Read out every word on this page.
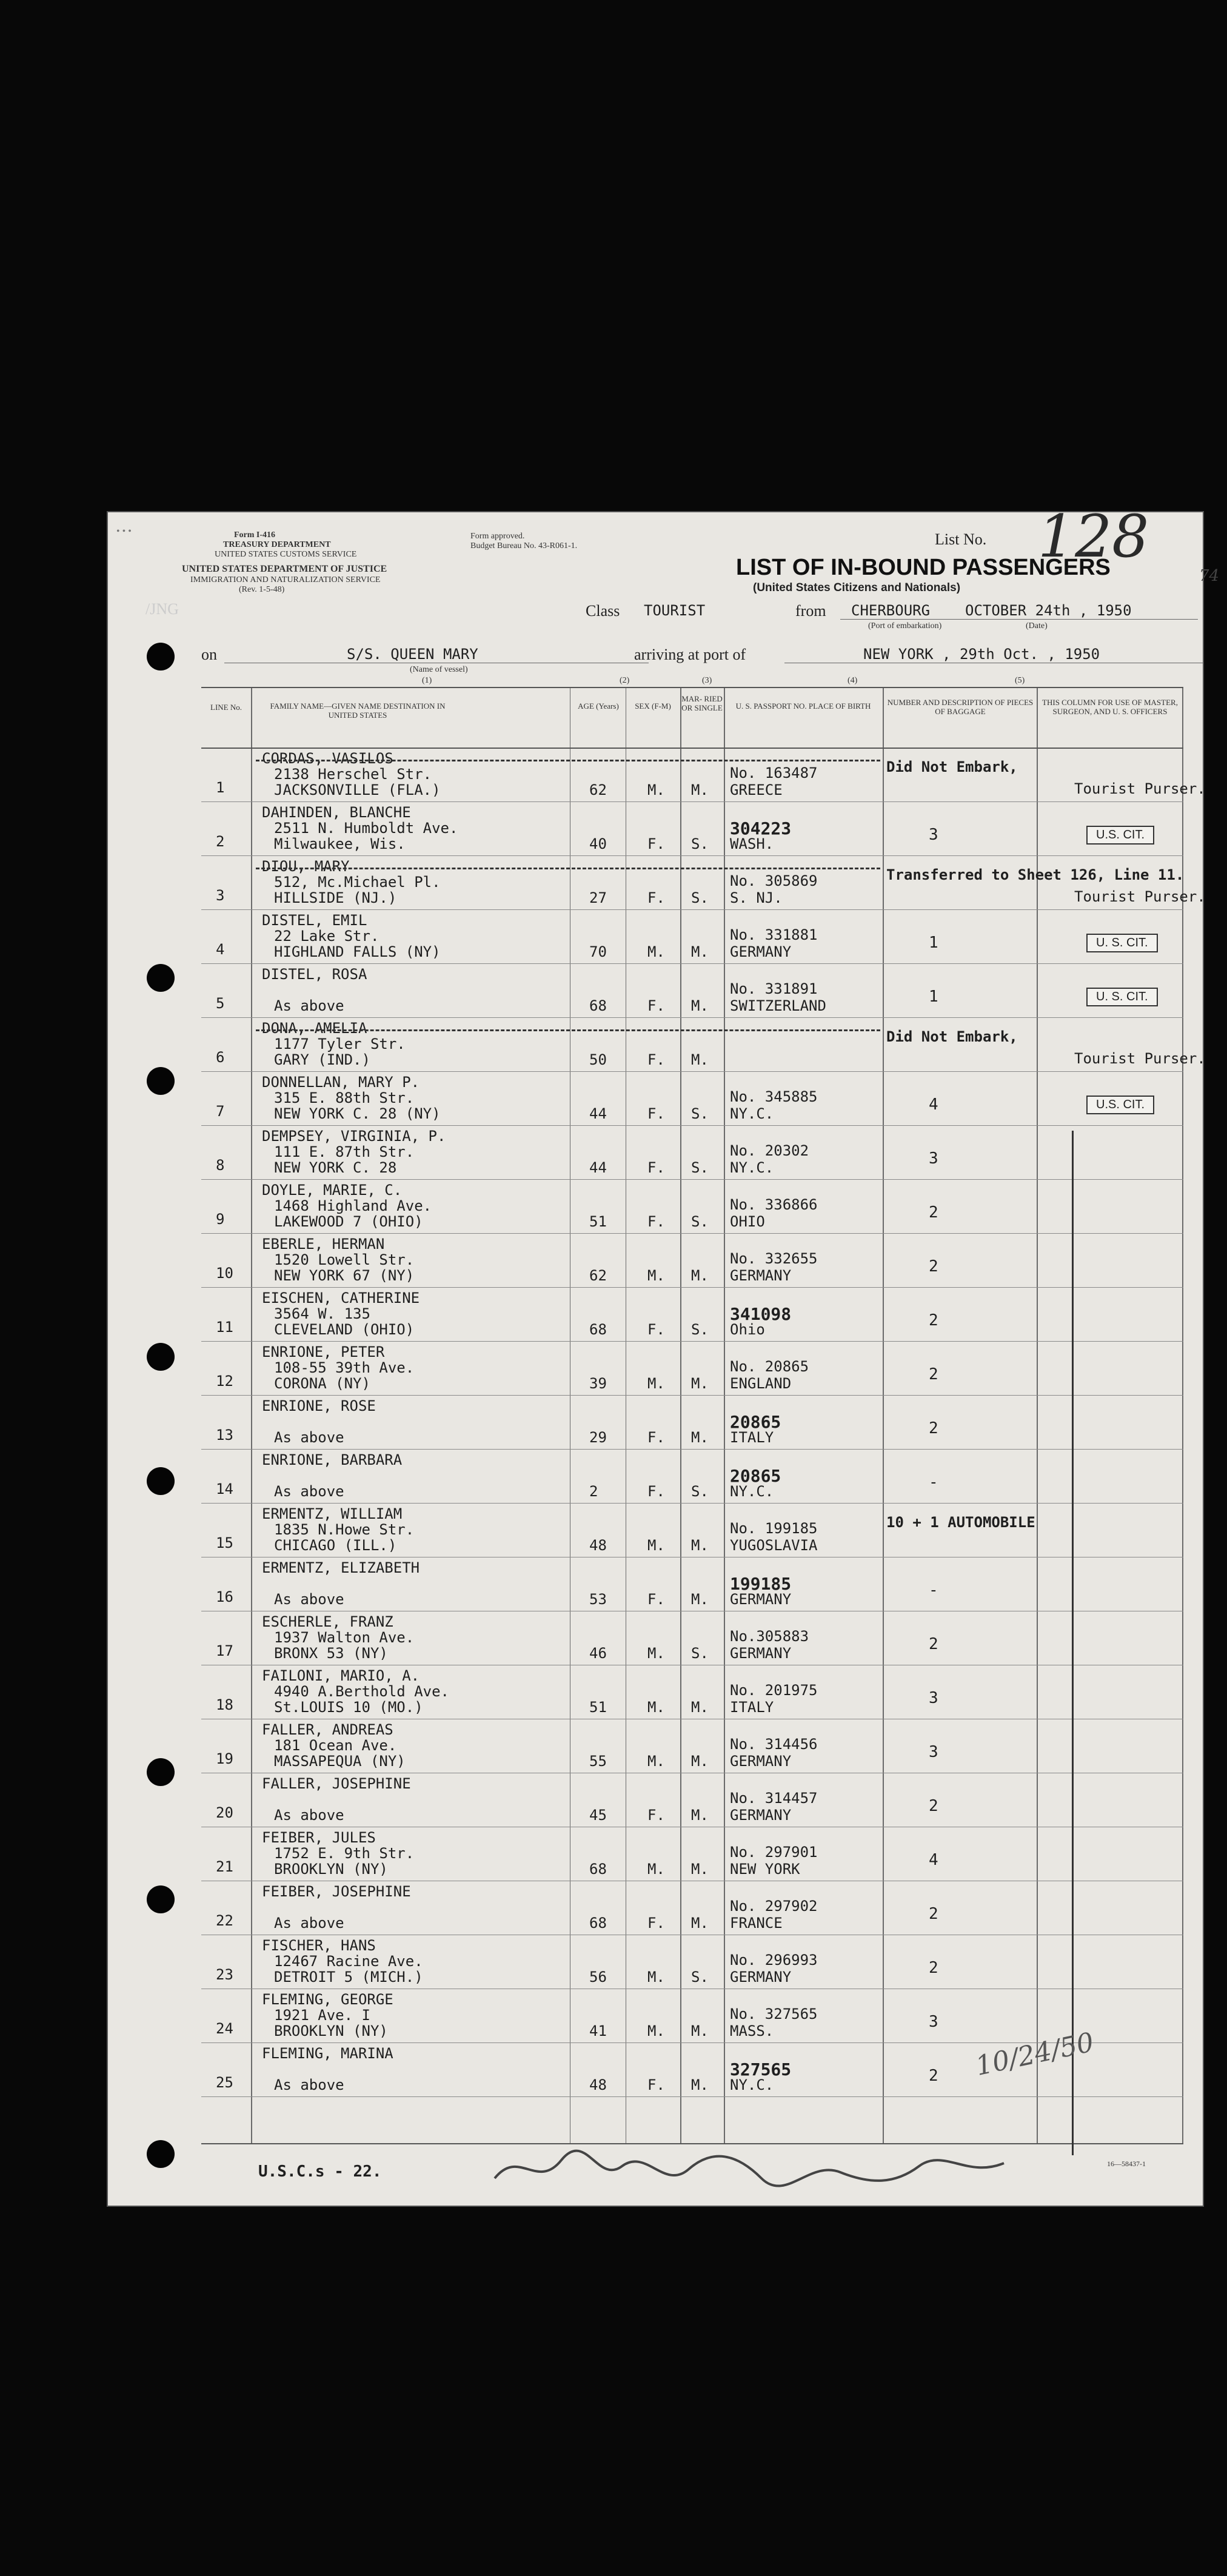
• • •	Form I-416
TREASURY DEPARTMENT
UNITED STATES CUSTOMS SERVICE
UNITED STATES DEPARTMENT OF JUSTICE
IMMIGRATION AND NATURALIZATION SERVICE
(Rev. 1-5-48)
Form approved.
Budget Bureau No. 43-R061-1.	List No. 128
74
LIST OF IN-BOUND PASSENGERS
(United States Citizens and Nationals)
Class TOURIST	from CHERBOURG
(Port of embarkation)
OCTOBER 24th , 1950
(Date)
on	S/S. QUEEN MARY
(Name of vessel)
arriving at port of	NEW YORK , 29th Oct. , 1950
(1)	(2)	(3)	(4)	(5)
LINE No.	FAMILY NAME—GIVEN NAME DESTINATION IN UNITED STATES
AGE (Years)	SEX (F-M)
MAR- RIED OR SINGLE	U. S. PASSPORT NO. PLACE OF BIRTH	NUMBER AND DESCRIPTION OF PIECES OF BAGGAGE
THIS COLUMN FOR USE OF MASTER, SURGEON, AND U. S. OFFICERS
1
CORDAS, VASILOS
2138 Herschel Str.
JACKSONVILLE (FLA.)	62	M. M.
No. 163487
GREECE
Did Not Embark,
Tourist Purser.
2
DAHINDEN, BLANCHE
2511 N. Humboldt Ave.
Milwaukee, Wis.	40	F. S.
304223
WASH.	3	U.S. CIT.
3
DIOU, MARY
512, Mc.Michael Pl.
HILLSIDE (NJ.)	27	F. S.
No. 305869
S. NJ.
Transferred to Sheet 126, Line 11.
Tourist Purser.
4
DISTEL, EMIL
22 Lake Str.
HIGHLAND FALLS (NY)	70	M. M.
No. 331881
GERMANY	1	U. S. CIT.
5
DISTEL, ROSA
As above	68	F. M.
No. 331891
SWITZERLAND	1	U. S. CIT.
6
DONA, AMELIA
1177 Tyler Str.
GARY (IND.)	50	F. M.
Did Not Embark,
Tourist Purser.
7
DONNELLAN, MARY P.
315 E. 88th Str.
NEW YORK C. 28 (NY)	44	F. S.
No. 345885
NY.C.	4	U.S. CIT.
8
DEMPSEY, VIRGINIA, P.
111 E. 87th Str.
NEW YORK C. 28	44	F. S.
No. 20302
NY.C.	3
9
DOYLE, MARIE, C.
1468 Highland Ave.
LAKEWOOD 7 (OHIO)	51	F. S.
No. 336866
OHIO	2
10
EBERLE, HERMAN
1520 Lowell Str.
NEW YORK 67 (NY)	62	M. M.
No. 332655
GERMANY	2
11
EISCHEN, CATHERINE
3564 W. 135
CLEVELAND (OHIO)	68	F. S.
341098
Ohio	2
12
ENRIONE, PETER
108-55 39th Ave.
CORONA (NY)	39	M. M.
No. 20865
ENGLAND	2
13
ENRIONE, ROSE
As above	29	F. M.
20865
ITALY	2
14
ENRIONE, BARBARA
As above	2	F. S.
20865
NY.C.	-
15
ERMENTZ, WILLIAM
1835 N.Howe Str.
CHICAGO (ILL.)	48	M. M.
No. 199185
YUGOSLAVIA
10 + 1 AUTOMOBILE
16
ERMENTZ, ELIZABETH
As above	53	F. M.
199185
GERMANY	-
17
ESCHERLE, FRANZ
1937 Walton Ave.
BRONX 53 (NY)	46	M. S.
No.305883
GERMANY	2
18
FAILONI, MARIO, A.
4940 A.Berthold Ave.
St.LOUIS 10 (MO.)	51	M. M.
No. 201975
ITALY	3
19
FALLER, ANDREAS
181 Ocean Ave.
MASSAPEQUA (NY)	55	M. M.
No. 314456
GERMANY	3
20
FALLER, JOSEPHINE
As above	45	F. M.
No. 314457
GERMANY	2
21
FEIBER, JULES
1752 E. 9th Str.
BROOKLYN (NY)	68	M. M.
No. 297901
NEW YORK	4
22
FEIBER, JOSEPHINE
As above	68	F. M.
No. 297902
FRANCE	2
23
FISCHER, HANS
12467 Racine Ave.
DETROIT 5 (MICH.)	56	M. S.
No. 296993
GERMANY	2
24
FLEMING, GEORGE
1921 Ave. I
BROOKLYN (NY)	41	M. M.
No. 327565
MASS.	3
25
FLEMING, MARINA
As above	48	F. M.
327565
NY.C.	2 10/24/50
U.S.C.s - 22.	16—58437-1
/JNG
